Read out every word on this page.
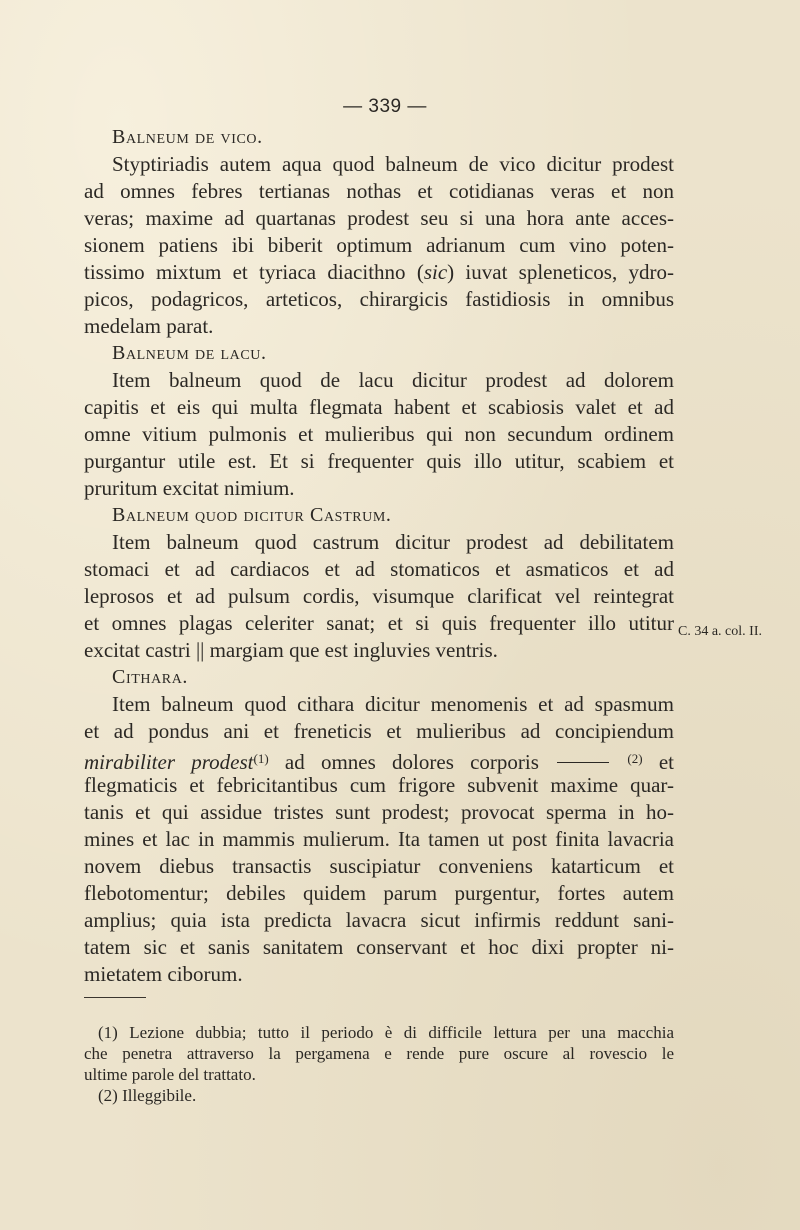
— 339 —

Balneum de vico.

Styptiriadis autem aqua quod balneum de vico dicitur prodest
ad omnes febres tertianas nothas et cotidianas veras et non
veras; maxime ad quartanas prodest seu si una hora ante acces-
sionem patiens ibi biberit optimum adrianum cum vino poten-
tissimo mixtum et tyriaca diacithno (sic) iuvat spleneticos, ydro-
picos, podagricos, arteticos, chirargicis fastidiosis in omnibus
medelam parat.

Balneum de lacu.

Item balneum quod de lacu dicitur prodest ad dolorem
capitis et eis qui multa flegmata habent et scabiosis valet et ad
omne vitium pulmonis et mulieribus qui non secundum ordinem
purgantur utile est. Et si frequenter quis illo utitur, scabiem et
pruritum excitat nimium.

Balneum quod dicitur Castrum.

Item balneum quod castrum dicitur prodest ad debilitatem
stomaci et ad cardiacos et ad stomaticos et asmaticos et ad
leprosos et ad pulsum cordis, visumque clarificat vel reintegrat
et omnes plagas celeriter sanat; et si quis frequenter illo utitur
excitat castri || margiam que est ingluvies ventris.

Cithara.

Item balneum quod cithara dicitur menomenis et ad spasmum
et ad pondus ani et freneticis et mulieribus ad concipiendum
mirabiliter prodest$^{(1)}$ ad omnes dolores corporis	$^{(2)}$ et
flegmaticis et febricitantibus cum frigore subvenit maxime quar-
tanis et qui assidue tristes sunt prodest; provocat sperma in ho-
mines et lac in mammis mulierum. Ita tamen ut post finita lavacria
novem diebus transactis suscipiatur conveniens katarticum et
flebotomentur; debiles quidem parum purgentur, fortes autem
amplius; quia ista predicta lavacra sicut infirmis reddunt sani-
tatem sic et sanis sanitatem conservant et hoc dixi propter ni-
mietatem ciborum.

C. 34 a. col. II.

(1) Lezione dubbia; tutto il periodo è di difficile lettura per una macchia
che penetra attraverso la pergamena e rende pure oscure al rovescio le
ultime parole del trattato.

(2) Illeggibile.
